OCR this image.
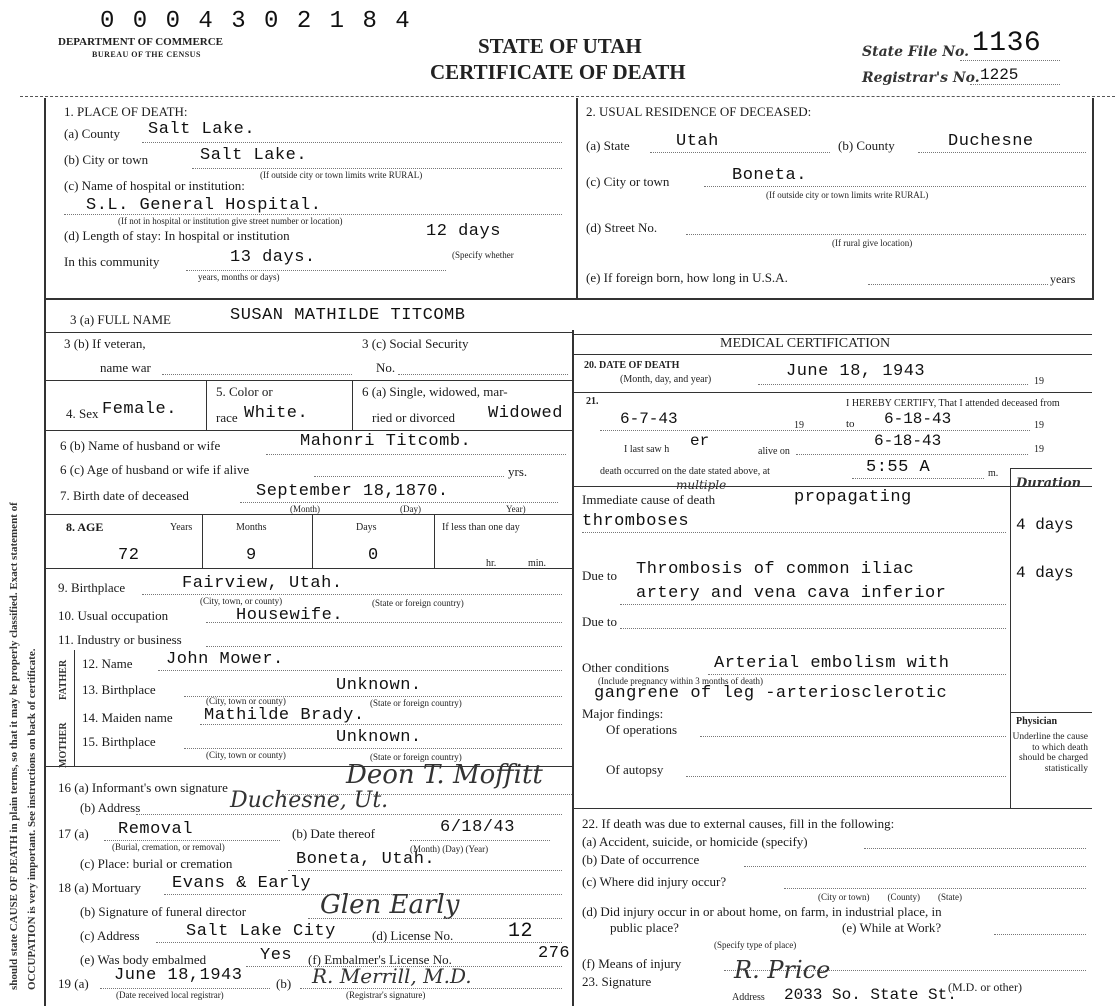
0 0 0 4 3 0 2 1 8 4
DEPARTMENT OF COMMERCE
BUREAU OF THE CENSUS	STATE OF UTAH
CERTIFICATE OF DEATH
State File No. 1136
Registrar's No. 1225
OCCUPATION is very important. See instructions on back of certificate.
should state CAUSE OF DEATH in plain terms, so that it may be properly classified. Exact statement of
1. PLACE OF DEATH:
(a) County Salt Lake.
(b) City or town	Salt Lake.
(If outside city or town limits write RURAL)
(c) Name of hospital or institution:
S.L. General Hospital.
(If not in hospital or institution give street number or location)
(d) Length of stay: In hospital or institution	12 days
(Specify whether
In this community	13 days.
years, months or days)
2. USUAL RESIDENCE OF DECEASED:
(a) State	Utah	(b) County	Duchesne
(c) City or town	Boneta.
(If outside city or town limits write RURAL)
(d) Street No.
(If rural give location)
(e) If foreign born, how long in U.S.A.	years
3 (a) FULL NAME	SUSAN MATHILDE TITCOMB
3 (b) If veteran,
name war
3 (c) Social Security
No.
4. Sex Female.
5. Color or
race White.
6 (a) Single, widowed, mar-
ried or divorced Widowed
6 (b) Name of husband or wife	Mahonri Titcomb.
6 (c) Age of husband or wife if alive	yrs.
7. Birth date of deceased	September 18,1870.
(Month)	(Day)	Year)
8. AGE	Years	Months	Days	If less than one day
72	9	0	hr.	min.
9. Birthplace	Fairview, Utah.
(City, town, or county)	(State or foreign country)
10. Usual occupation	Housewife.
11. Industry or business
FATHER
MOTHER
12. Name John Mower.
13. Birthplace	Unknown.
(City, town or county)	(State or foreign country)
14. Maiden name Mathilde Brady.
15. Birthplace	Unknown.
(City, town or county)	(State or foreign country)
16 (a) Informant's own signature	Deon T. Moffitt
(b) Address	Duchesne, Ut.
17 (a) Removal
(Burial, cremation, or removal)
(b) Date thereof	6/18/43
(Month) (Day) (Year)
(c) Place: burial or cremation	Boneta, Utah.
18 (a) Mortuary Evans & Early
(b) Signature of funeral director	Glen Early
(c) Address	Salt Lake City	(d) License No.	12
(e) Was body embalmed	Yes (f) Embalmer's License No.	276
19 (a) June 18,1943
(Date received local registrar)
(b) R. Merrill, M.D.
(Registrar's signature)
MEDICAL CERTIFICATION
20. DATE OF DEATH
(Month, day, and year)	June 18, 1943
19
21.	I HEREBY CERTIFY, That I attended deceased from
6-7-43	19	to 6-18-43	19
I last saw h er
alive on
6-18-43	19
death occurred on the date stated above, at	5:55 A	m.
Duration
Immediate cause of death
multiple
propagating
thromboses	4 days
Due to Thrombosis of common iliac
artery and vena cava inferior
4 days
Due to
Other conditions	Arterial embolism with
(Include pregnancy within 3 months of death)
gangrene of leg -arteriosclerotic
Major findings:
Of operations
Of autopsy
Physician
Underline the cause to which death should be charged statistically
22. If death was due to external causes, fill in the following:
(a) Accident, suicide, or homicide (specify)
(b) Date of occurrence
(c) Where did injury occur?
(City or town)        (County)        (State)
(d) Did injury occur in or about home, on farm, in industrial place, in
public place?	(e) While at Work?
(Specify type of place)
(f) Means of injury
23. Signature	R. Price
(M.D. or other)
Address 2033 So. State St.
